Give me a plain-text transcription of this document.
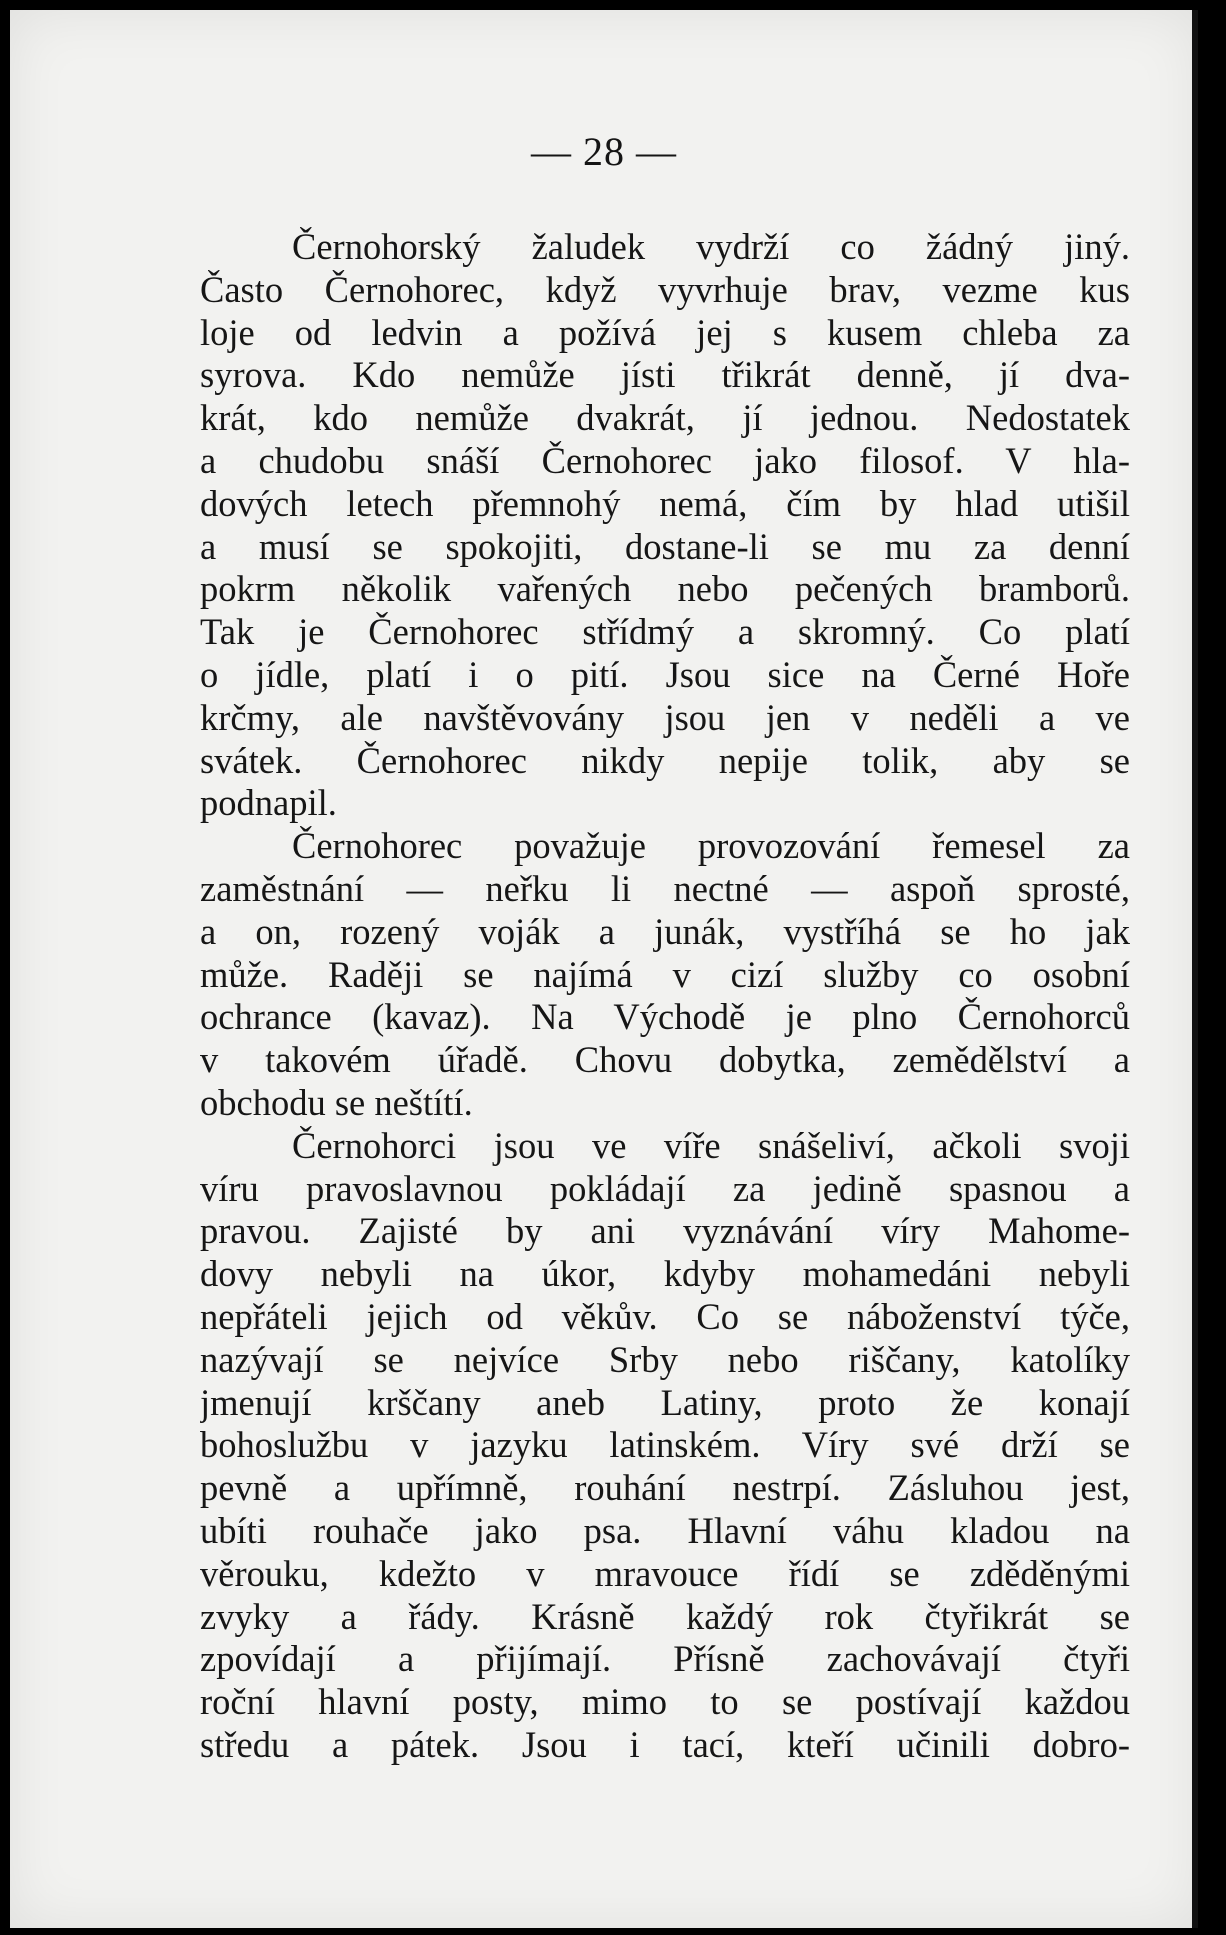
— 28 —
Černohorský žaludek vydrží co žádný jiný.
Často Černohorec, když vyvrhuje brav, vezme kus
loje od ledvin a požívá jej s kusem chleba za
syrova. Kdo nemůže jísti třikrát denně, jí dva-
krát, kdo nemůže dvakrát, jí jednou. Nedostatek
a chudobu snáší Černohorec jako filosof. V hla-
dových letech přemnohý nemá, čím by hlad utišil
a musí se spokojiti, dostane-li se mu za denní
pokrm několik vařených nebo pečených bramborů.
Tak je Černohorec střídmý a skromný. Co platí
o jídle, platí i o pití. Jsou sice na Černé Hoře
krčmy, ale navštěvovány jsou jen v neděli a ve
svátek. Černohorec nikdy nepije tolik, aby se
podnapil.
Černohorec považuje provozování řemesel za
zaměstnání — neřku li nectné — aspoň sprosté,
a on, rozený voják a junák, vystříhá se ho jak
může. Raději se najímá v cizí služby co osobní
ochrance (kavaz). Na Východě je plno Černohorců
v takovém úřadě. Chovu dobytka, zemědělství a
obchodu se neštítí.
Černohorci jsou ve víře snášeliví, ačkoli svoji
víru pravoslavnou pokládají za jedině spasnou a
pravou. Zajisté by ani vyznávání víry Mahome-
dovy nebyli na úkor, kdyby mohamedáni nebyli
nepřáteli jejich od věkův. Co se náboženství týče,
nazývají se nejvíce Srby nebo riščany, katolíky
jmenují krščany aneb Latiny, proto že konají
bohoslužbu v jazyku latinském. Víry své drží se
pevně a upřímně, rouhání nestrpí. Zásluhou jest,
ubíti rouhače jako psa. Hlavní váhu kladou na
věrouku, kdežto v mravouce řídí se zděděnými
zvyky a řády. Krásně každý rok čtyřikrát se
zpovídají a přijímají. Přísně zachovávají čtyři
roční hlavní posty, mimo to se postívají každou
středu a pátek. Jsou i tací, kteří učinili dobro-
